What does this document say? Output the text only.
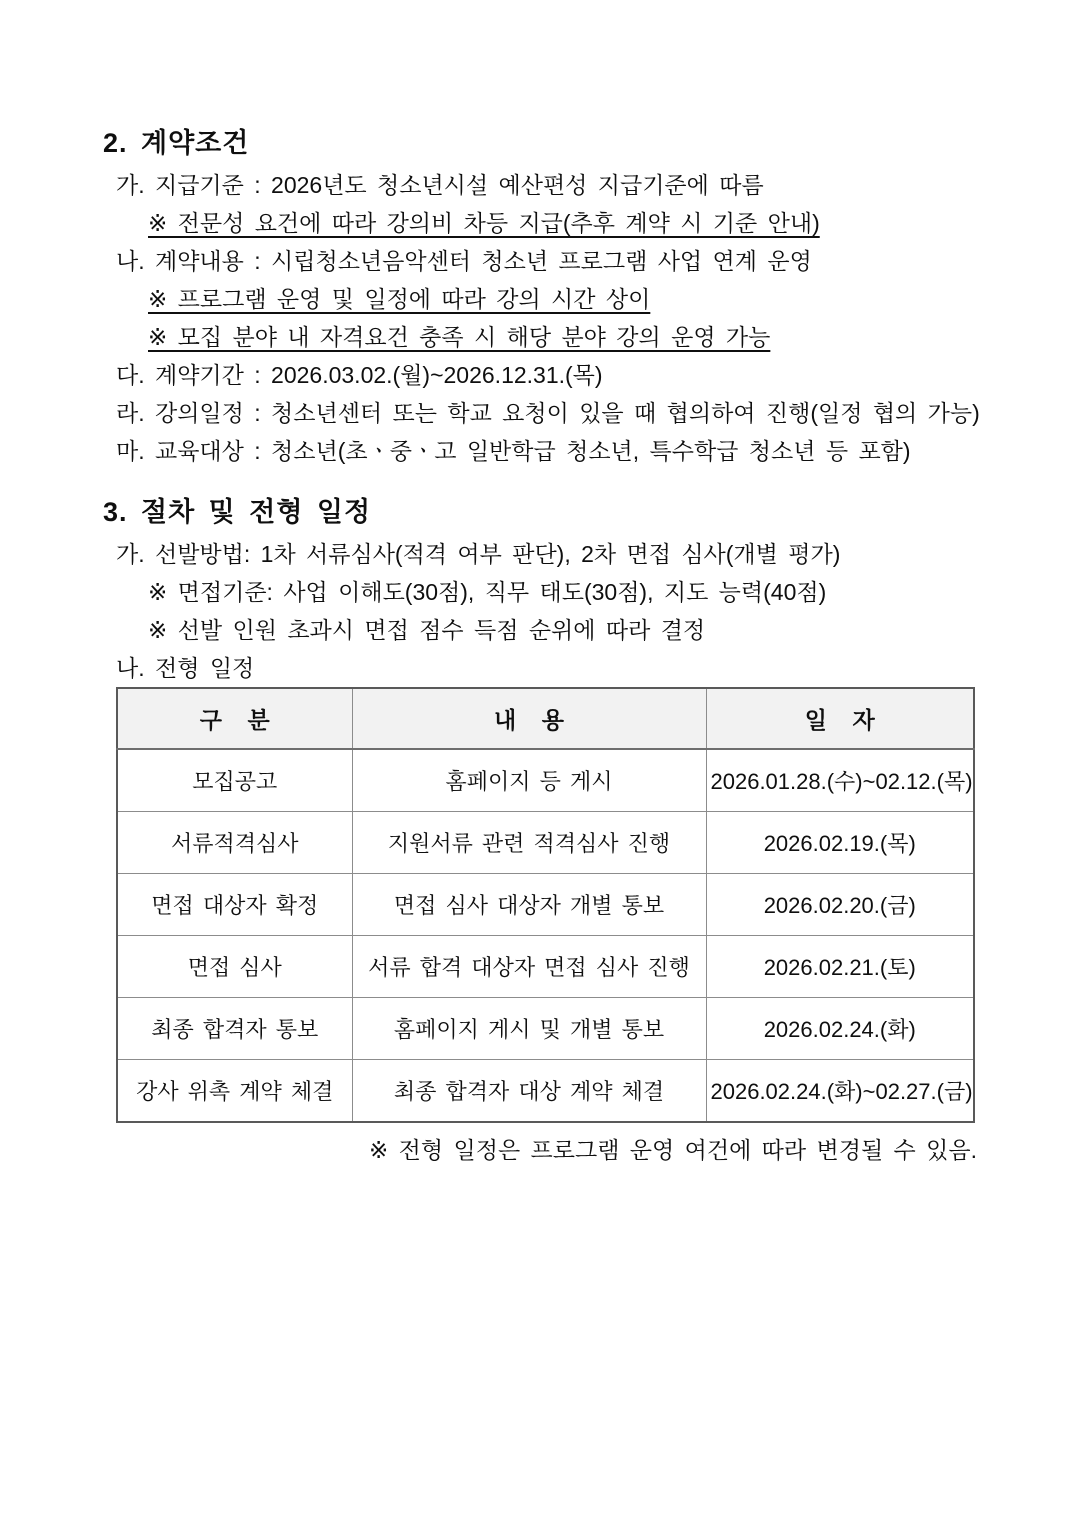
2. 계약조건

가. 지급기준 : 2026년도 청소년시설 예산편성 지급기준에 따름

※ 전문성 요건에 따라 강의비 차등 지급(추후 계약 시 기준 안내)

나. 계약내용 : 시립청소년음악센터 청소년 프로그램 사업 연계 운영

※ 프로그램 운영 및 일정에 따라 강의 시간 상이

※ 모집 분야 내 자격요건 충족 시 해당 분야 강의 운영 가능

다. 계약기간 : 2026.03.02.(월)~2026.12.31.(목)

라. 강의일정 : 청소년센터 또는 학교 요청이 있을 때 협의하여 진행(일정 협의 가능)

마. 교육대상 : 청소년(초ㆍ중ㆍ고 일반학급 청소년, 특수학급 청소년 등 포함)

3. 절차 및 전형 일정

가. 선발방법: 1차 서류심사(적격 여부 판단), 2차 면접 심사(개별 평가)

※ 면접기준: 사업 이해도(30점), 직무 태도(30점), 지도 능력(40점)

※ 선발 인원 초과시 면접 점수 득점 순위에 따라 결정

나. 전형 일정

구    분	내    용	일    자
모집공고	홈페이지 등 게시	2026.01.28.(수)~02.12.(목)
서류적격심사	지원서류 관련 적격심사 진행	2026.02.19.(목)
면접 대상자 확정	면접 심사 대상자 개별 통보	2026.02.20.(금)
면접 심사	서류 합격 대상자 면접 심사 진행	2026.02.21.(토)
최종 합격자 통보	홈페이지 게시 및 개별 통보	2026.02.24.(화)
강사 위촉 계약 체결	최종 합격자 대상 계약 체결	2026.02.24.(화)~02.27.(금)

※ 전형 일정은 프로그램 운영 여건에 따라 변경될 수 있음.
